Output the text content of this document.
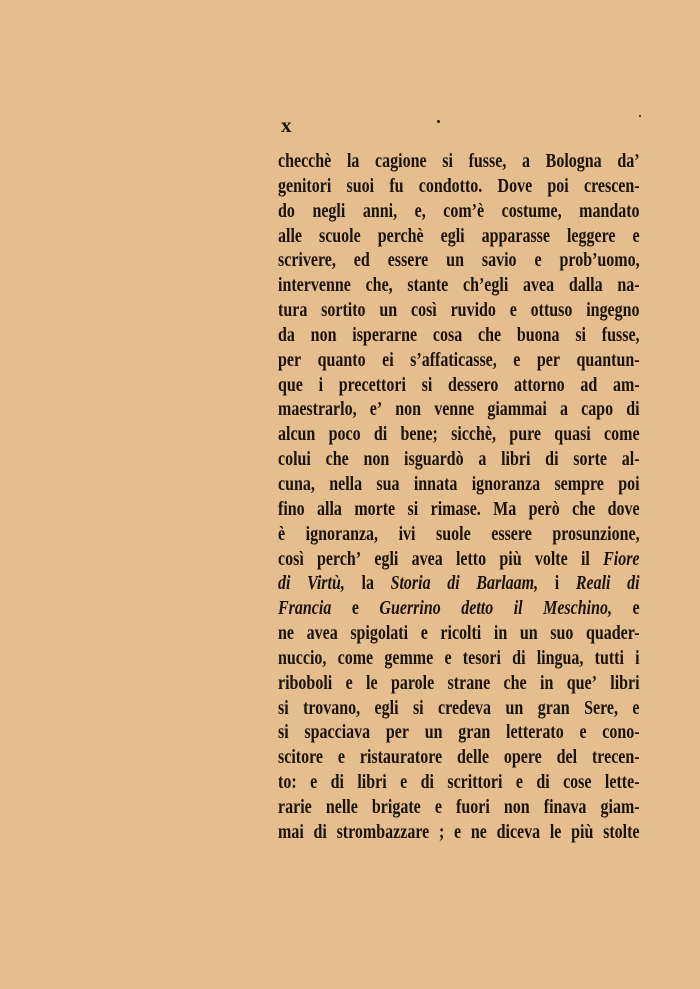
x
checchè la cagione si fusse, a Bologna da’
genitori suoi fu condotto. Dove poi crescen-
do negli anni, e, com’è costume, mandato
alle scuole perchè egli apparasse leggere e
scrivere, ed essere un savio e prob’uomo,
intervenne che, stante ch’egli avea dalla na-
tura sortito un così ruvido e ottuso ingegno
da non isperarne cosa che buona si fusse,
per quanto ei s’affaticasse, e per quantun-
que i precettori si dessero attorno ad am-
maestrarlo, e’ non venne giammai a capo di
alcun poco di bene; sicchè, pure quasi come
colui che non isguardò a libri di sorte al-
cuna, nella sua innata ignoranza sempre poi
fino alla morte si rimase. Ma però che dove
è ignoranza, ivi suole essere prosunzione,
così perch’ egli avea letto più volte il Fiore
di Virtù, la Storia di Barlaam, i Reali di
Francia e Guerrino detto il Meschino, e
ne avea spigolati e ricolti in un suo quader-
nuccio, come gemme e tesori di lingua, tutti i
riboboli e le parole strane che in que’ libri
si trovano, egli si credeva un gran Sere, e
si spacciava per un gran letterato e cono-
scitore e ristauratore delle opere del trecen-
to: e di libri e di scrittori e di cose lette-
rarie nelle brigate e fuori non finava giam-
mai di strombazzare ; e ne diceva le più stolte
